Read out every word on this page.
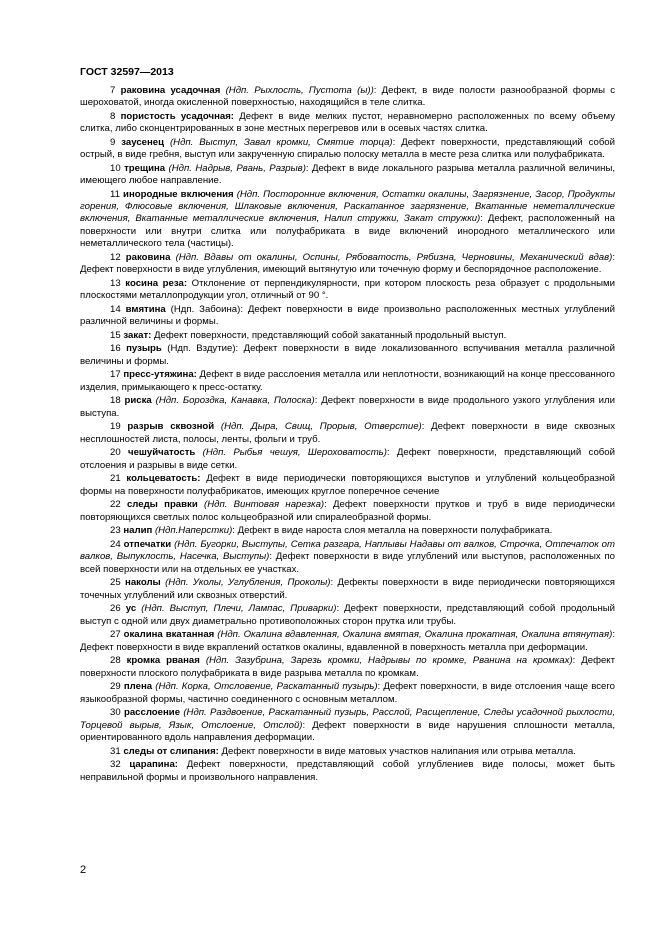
ГОСТ 32597—2013

7 раковина усадочная (Ндп. Рыхлость, Пустота (ы)): Дефект, в виде полости разнообразной формы с шероховатой, иногда окисленной поверхностью, находящийся в теле слитка.

8 пористость усадочная: Дефект в виде мелких пустот, неравномерно расположенных по всему объему слитка, либо сконцентрированных в зоне местных перегревов или в осевых частях слитка.

9 заусенец (Ндп. Выступ, Завал кромки, Смятие торца): Дефект поверхности, представляющий собой острый, в виде гребня, выступ или закрученную спиралью полоску металла в месте реза слитка или полуфабриката.

10 трещина (Ндп. Надрыв, Рвань, Разрыв): Дефект в виде локального разрыва металла различной величины, имеющего любое направление.

11 инородные включения (Ндп. Посторонние включения, Остатки окалины, Загрязнение, Засор, Продукты горения, Флюсовые включения, Шлаковые включения, Раскатанное загрязнение, Вкатанные неметаллические включения, Вкатанные металлические включения, Налип стружки, Закат стружки): Дефект, расположенный на поверхности или внутри слитка или полуфабриката в виде включений инородного металлического или неметаллического тела (частицы).

12 раковина (Ндп. Вдавы от окалины, Оспины, Рябоватость, Рябизна, Черновины, Механический вдав): Дефект поверхности в виде углубления, имеющий вытянутую или точечную форму и беспорядочное расположение.

13 косина реза: Отклонение от перпендикулярности, при котором плоскость реза образует с продольными плоскостями металлопродукции угол, отличный от 90 °.

14 вмятина (Ндп. Забоина): Дефект поверхности в виде произвольно расположенных местных углублений различной величины и формы.

15 закат: Дефект поверхности, представляющий собой закатанный продольный выступ.

16 пузырь (Ндп. Вздутие): Дефект поверхности в виде локализованного вспучивания металла различной величины и формы.

17 пресс-утяжина: Дефект в виде расслоения металла или неплотности, возникающий на конце прессованного изделия, примыкающего к пресс-остатку.

18 риска (Ндп. Бороздка, Канавка, Полоска): Дефект поверхности в виде продольного узкого углубления или выступа.

19 разрыв сквозной (Ндп. Дыра, Свищ, Прорыв, Отверстие): Дефект поверхности в виде сквозных несплошностей листа, полосы, ленты, фольги и труб.

20 чешуйчатость (Ндп. Рыбья чешуя, Шероховатость): Дефект поверхности, представляющий собой отслоения и разрывы в виде сетки.

21 кольцеватость: Дефект в виде периодически повторяющихся выступов и углублений кольцеобразной формы на поверхности полуфабрикатов, имеющих круглое поперечное сечение

22 следы правки (Ндп. Винтовая нарезка): Дефект поверхности прутков и труб в виде периодически повторяющихся светлых полос кольцеобразной или спиралеобразной формы.

23 налип (Ндп.Наперстки): Дефект в виде нароста слоя металла на поверхности полуфабриката.

24 отпечатки (Ндп. Бугорки, Выступы, Сетка разгара, Наплывы Надавы от валков, Строчка, Отпечаток от валков, Выпуклость, Насечка, Выступы): Дефект поверхности в виде углублений или выступов, расположенных по всей поверхности или на отдельных ее участках.

25 наколы (Ндп. Уколы, Углубления, Проколы): Дефекты поверхности в виде периодически повторяющихся точечных углублений или сквозных отверстий.

26 ус (Ндп. Выступ, Плечи, Лампас, Приварки): Дефект поверхности, представляющий собой продольный выступ с одной или двух диаметрально противоположных сторон прутка или трубы.

27 окалина вкатанная (Ндп. Окалина вдавленная, Окалина вмятая, Окалина прокатная, Окалина втянутая): Дефект поверхности в виде вкраплений остатков окалины, вдавленной в поверхность металла при деформации.

28 кромка рваная (Ндп. Зазубрина, Зарезь кромки, Надрывы по кромке, Рванина на кромках): Дефект поверхности плоского полуфабриката в виде разрыва металла по кромкам.

29 плена (Ндп. Корка, Отсловение, Раскатанный пузырь): Дефект поверхности, в виде отслоения чаще всего языкообразной формы, частично соединенного с основным металлом.

30 расслоение (Ндп. Раздвоение, Раскатанный пузырь, Расслой, Расщепление, Следы усадочной рыхлости, Торцевой вырыв, Язык, Отслоение, Отслой): Дефект поверхности в виде нарушения сплошности металла, ориентированного вдоль направления деформации.

31 следы от слипания: Дефект поверхности в виде матовых участков налипания или отрыва металла.

32 царапина: Дефект поверхности, представляющий собой углублениев виде полосы, может быть неправильной формы и произвольного направления.

2
